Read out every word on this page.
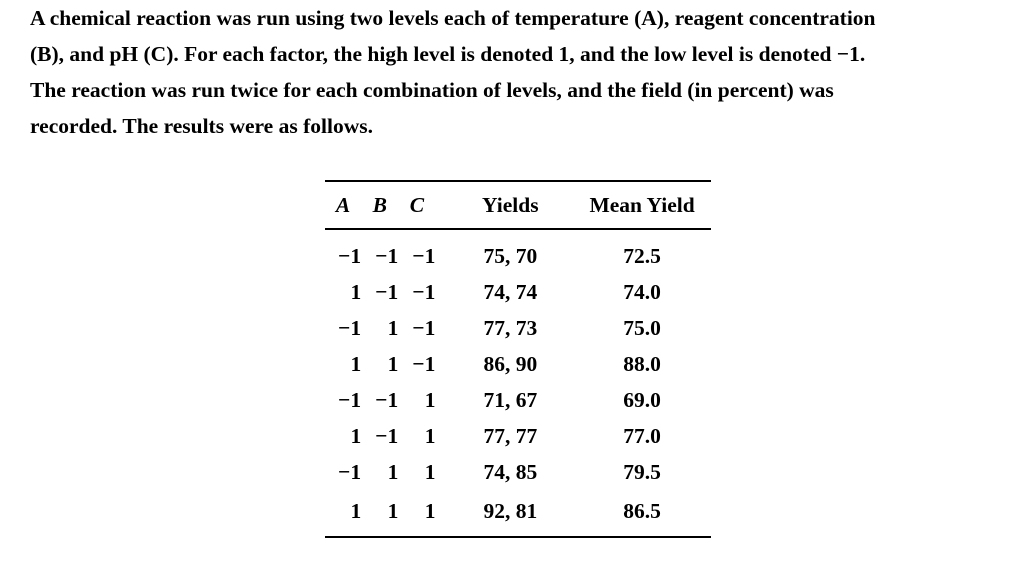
A chemical reaction was run using two levels each of temperature (A), reagent concentration
(B), and pH (C). For each factor, the high level is denoted 1, and the low level is denoted −1.
The reaction was run twice for each combination of levels, and the field (in percent) was
recorded. The results were as follows.

A	B	C	Yields	Mean Yield
−1	−1	−1	75, 70	72.5
1	−1	−1	74, 74	74.0
−1	1	−1	77, 73	75.0
1	1	−1	86, 90	88.0
−1	−1	1	71, 67	69.0
1	−1	1	77, 77	77.0
−1	1	1	74, 85	79.5
1	1	1	92, 81	86.5
